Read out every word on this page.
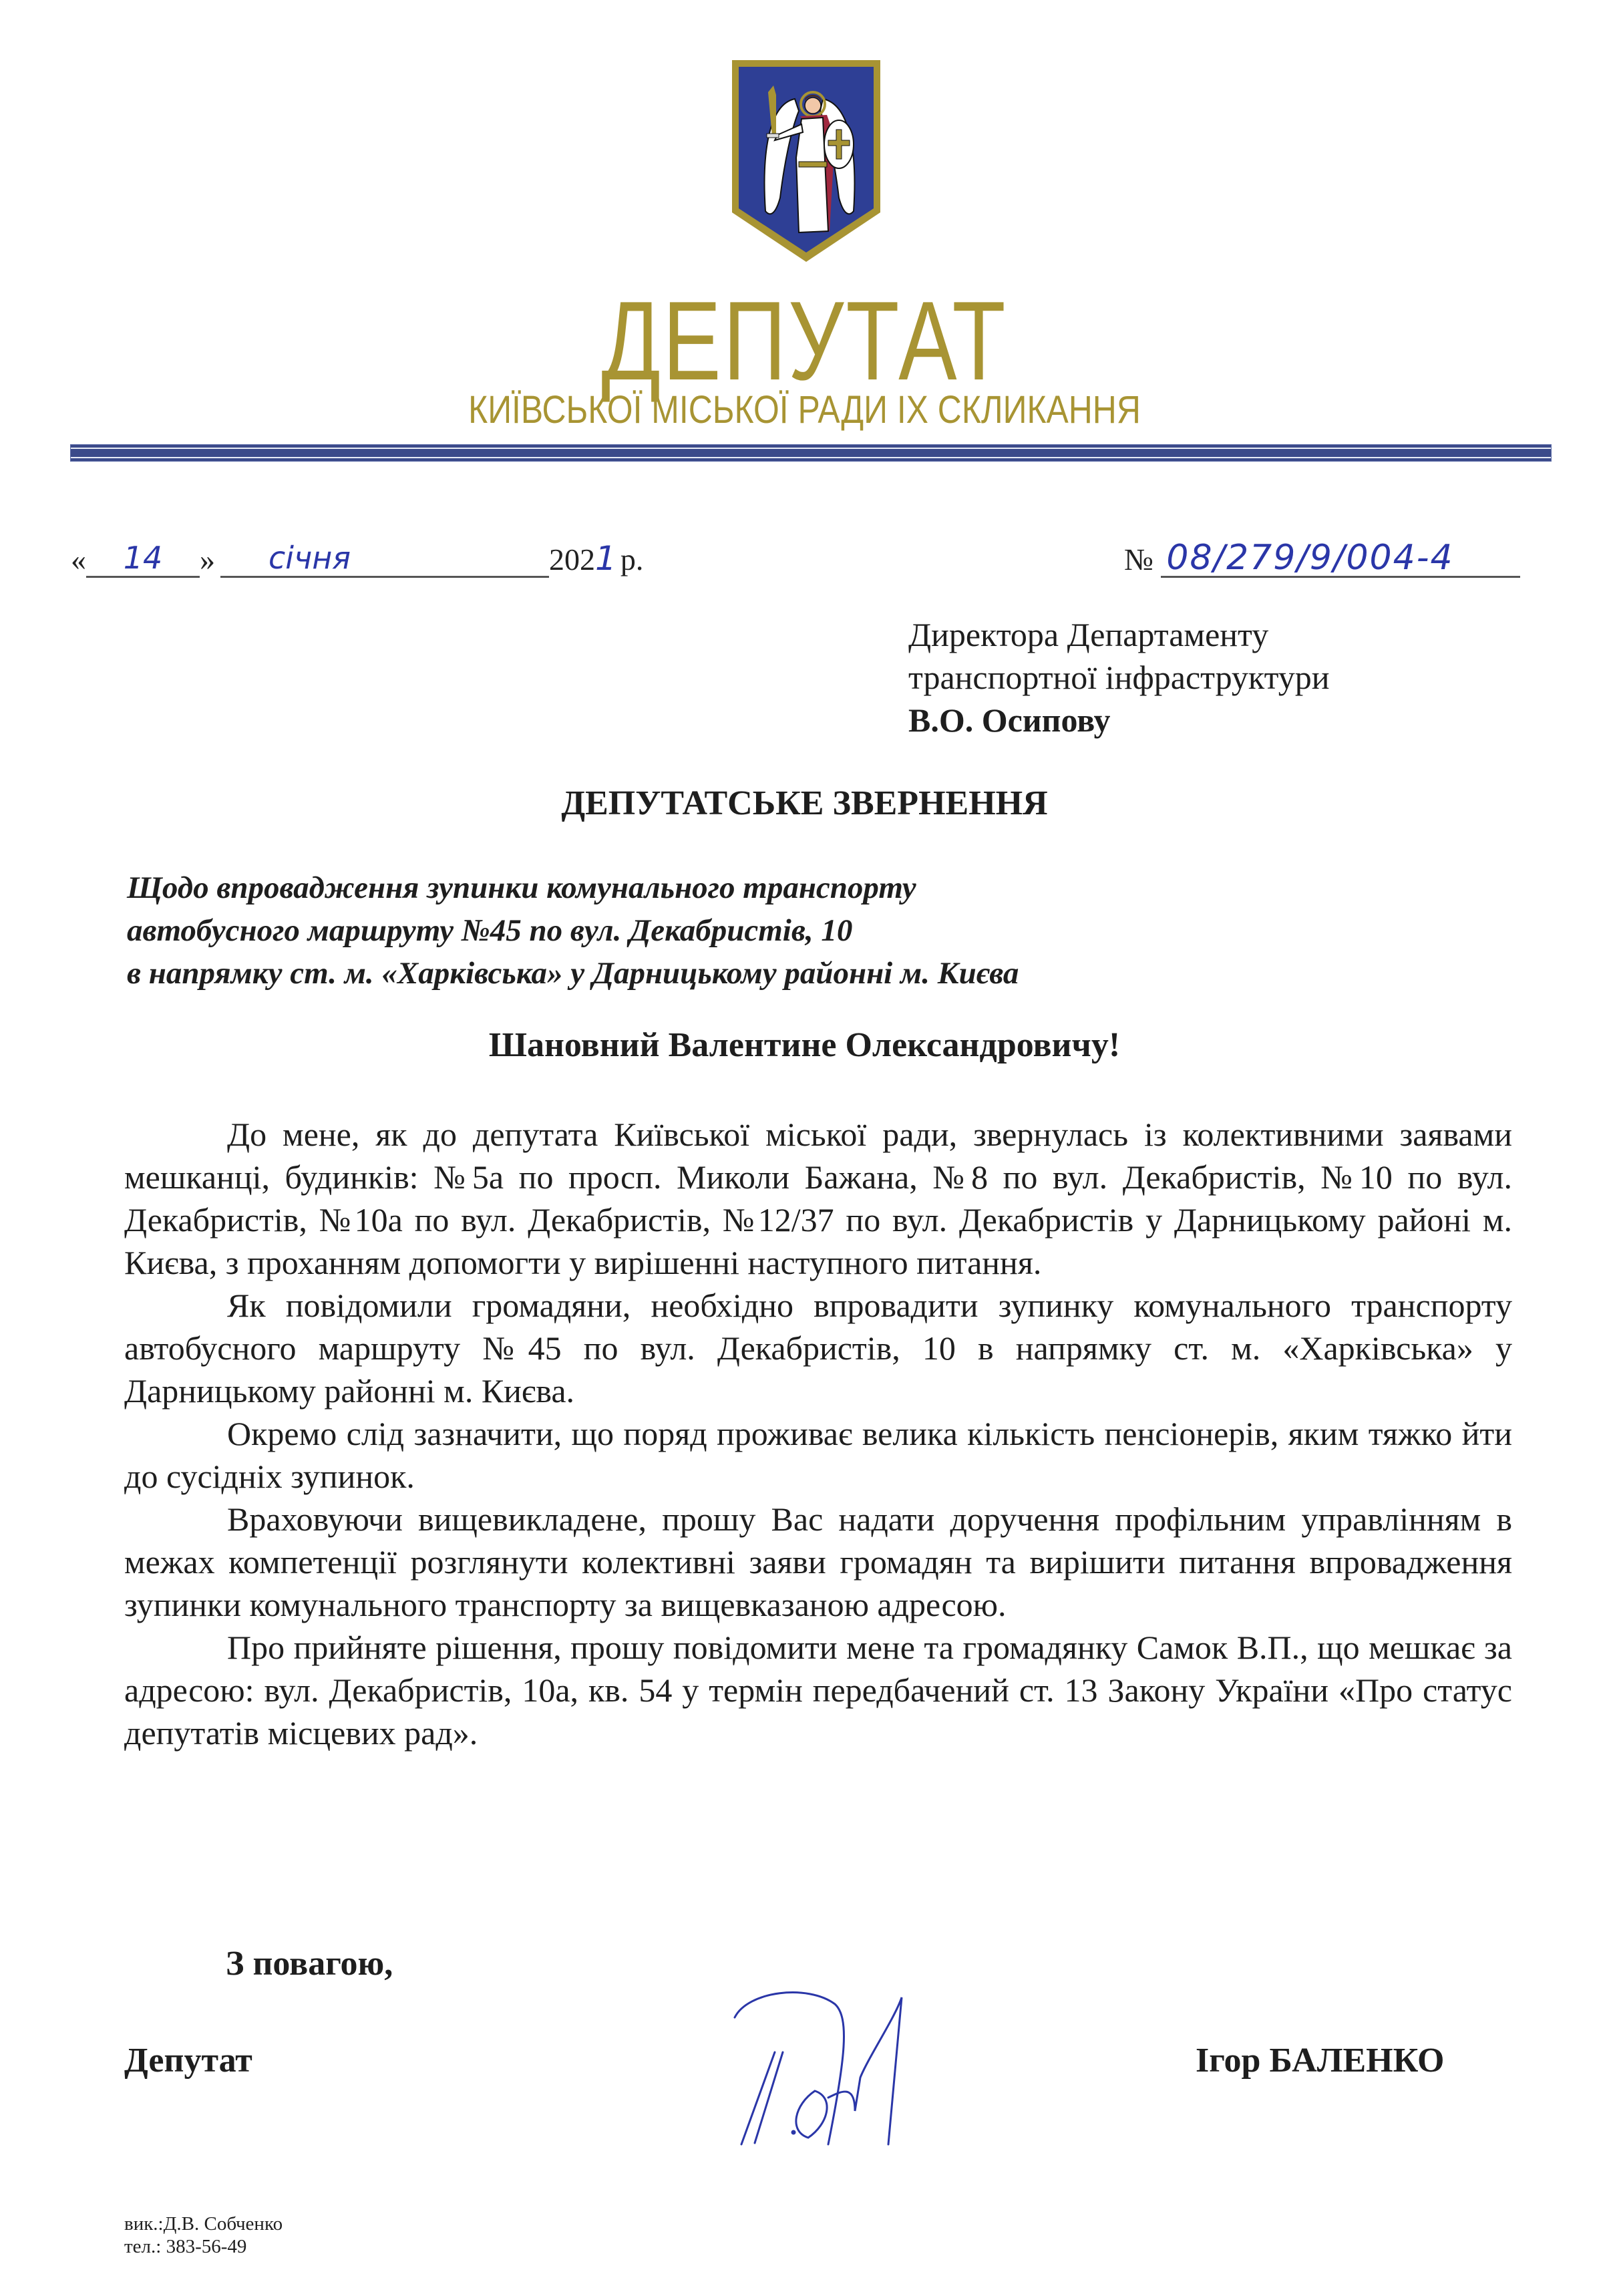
ДЕПУТАТ
КИЇВСЬКОЇ МІСЬКОЇ РАДИ ІХ СКЛИКАННЯ
« 14 » січня	2021 р.	№ 08/279/9/004-4
Директора Департаменту
транспортної інфраструктури
В.О. Осипову
ДЕПУТАТСЬКЕ ЗВЕРНЕННЯ
Щодо впровадження зупинки комунального транспорту
автобусного маршруту №45 по вул. Декабристів, 10
в напрямку ст. м. «Харківська» у Дарницькому районні м. Києва
Шановний Валентине Олександровичу!

До мене, як до депутата Київської міської ради, звернулась із колективними заявами мешканці, будинків: №5а по просп. Миколи Бажана, №8 по вул. Декабристів, №10 по вул. Декабристів, №10а по вул. Декабристів, №12/37 по вул. Декабристів у Дарницькому районі м. Києва, з проханням допомогти у вирішенні наступного питання.

Як повідомили громадяни, необхідно впровадити зупинку комунального транспорту автобусного маршруту №45 по вул. Декабристів, 10 в напрямку ст. м. «Харківська» у Дарницькому районні м. Києва.

Окремо слід зазначити, що поряд проживає велика кількість пенсіонерів, яким тяжко йти до сусідніх зупинок.

Враховуючи вищевикладене, прошу Вас надати доручення профільним управлінням в межах компетенції розглянути колективні заяви громадян та вирішити питання впровадження зупинки комунального транспорту за вищевказаною адресою.

Про прийняте рішення, прошу повідомити мене та громадянку Самок В.П., що мешкає за адресою: вул. Декабристів, 10а, кв. 54 у термін передбачений ст. 13 Закону України «Про статус депутатів місцевих рад».

З повагою,
Депутат	Ігор БАЛЕНКО
вик.:Д.В. Собченко
тел.: 383-56-49
